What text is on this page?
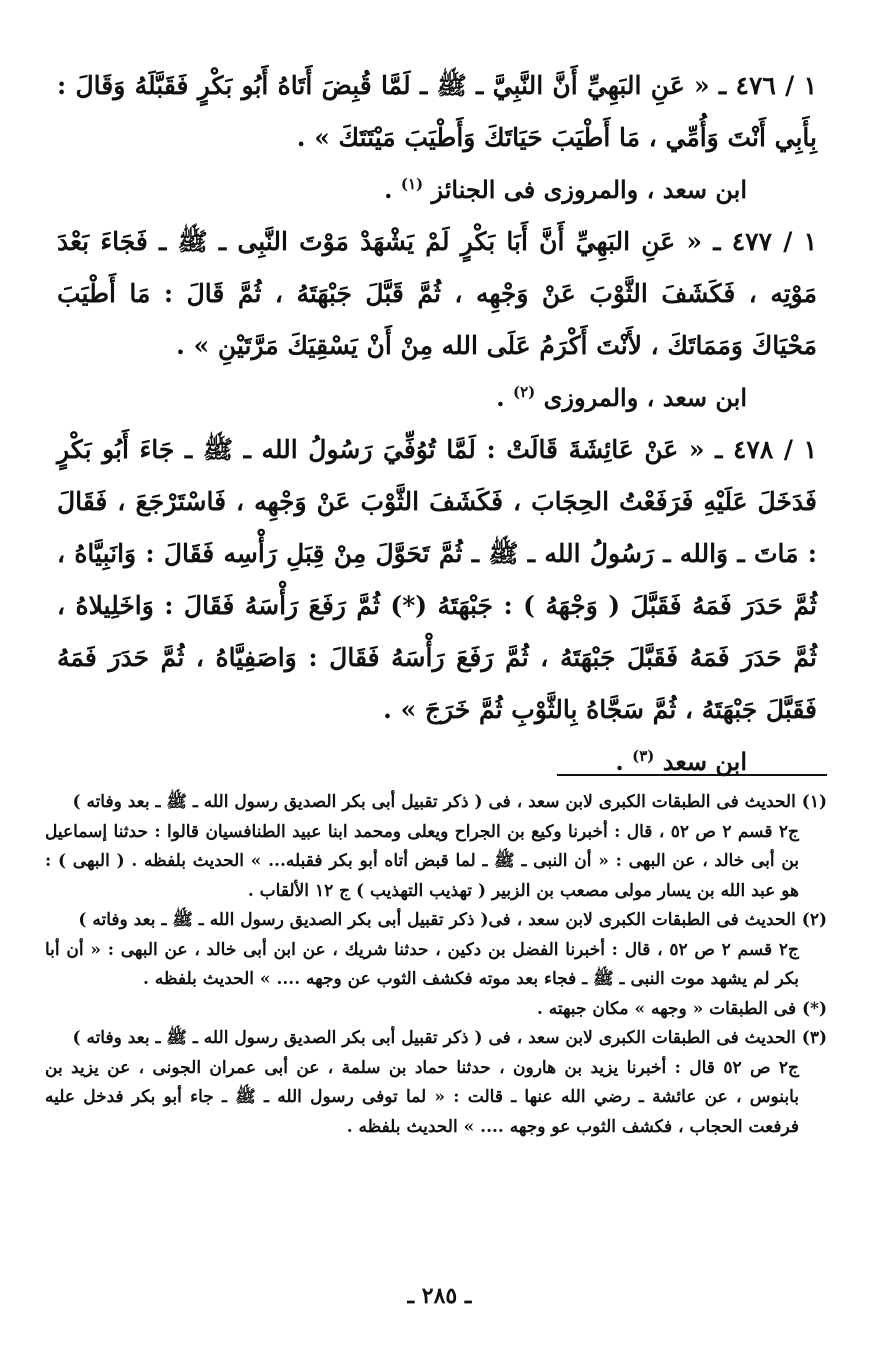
١ / ٤٧٦ ـ « عَنِ البَهِيِّ أَنَّ النَّبِيَّ ـ ﷺ ـ لَمَّا قُبِضَ أَتَاهُ أَبُو بَكْرٍ فَقَبَّلَهُ وَقَالَ : بِأَبِي أَنْتَ وَأُمِّي ، مَا أَطْيَبَ حَيَاتَكَ وَأَطْيَبَ مَيْتَتَكَ » .

ابن سعد ، والمروزى فى الجنائز $^{(١)}$ .

١ / ٤٧٧ ـ « عَنِ البَهِيِّ أَنَّ أَبَا بَكْرٍ لَمْ يَشْهَدْ مَوْتَ النَّبِى ـ ﷺ ـ فَجَاءَ بَعْدَ مَوْتِه ، فَكَشَفَ الثَّوْبَ عَنْ وَجْهِه ، ثُمَّ قَبَّلَ جَبْهَتَهُ ، ثُمَّ قَالَ : مَا أَطْيَبَ مَحْيَاكَ وَمَمَاتَكَ ، لأَنْتَ أَكْرَمُ عَلَى الله مِنْ أَنْ يَسْقِيَكَ مَرَّتَيْنِ » .

ابن سعد ، والمروزى $^{(٢)}$ .

١ / ٤٧٨ ـ « عَنْ عَائِشَةَ قَالَتْ : لَمَّا تُوُفِّيَ رَسُولُ الله ـ ﷺ ـ جَاءَ أَبُو بَكْرٍ فَدَخَلَ عَلَيْهِ فَرَفَعْتُ الحِجَابَ ، فَكَشَفَ الثَّوْبَ عَنْ وَجْهِه ، فَاسْتَرْجَعَ ، فَقَالَ : مَاتَ ـ وَالله ـ رَسُولُ الله ـ ﷺ ـ ثُمَّ تَحَوَّلَ مِنْ قِبَلِ رَأْسِه فَقَالَ : وَانَبِيَّاهُ ، ثُمَّ حَدَرَ فَمَهُ فَقَبَّلَ ( وَجْهَهُ ) : جَبْهَتَهُ (*) ثُمَّ رَفَعَ رَأْسَهُ فَقَالَ : وَاخَلِيلاهُ ، ثُمَّ حَدَرَ فَمَهُ فَقَبَّلَ جَبْهَتَهُ ، ثُمَّ رَفَعَ رَأْسَهُ فَقَالَ : وَاصَفِيَّاهُ ، ثُمَّ حَدَرَ فَمَهُ فَقَبَّلَ جَبْهَتَهُ ، ثُمَّ سَجَّاهُ بِالثَّوْبِ ثُمَّ خَرَجَ » .

ابن سعد $^{(٣)}$ .

(١) الحديث فى الطبقات الكبرى لابن سعد ، فى ( ذكر تقبيل أبى بكر الصديق رسول الله ـ ﷺ ـ بعد وفاته )

ج٢ قسم ٢ ص ٥٢ ، قال : أخبرنا وكيع بن الجراح ويعلى ومحمد ابنا عبيد الطنافسيان قالوا : حدثنا إسماعيل بن أبى خالد ، عن البهى : « أن النبى ـ ﷺ ـ لما قبض أتاه أبو بكر فقبله... » الحديث بلفظه . ( البهى ) : هو عبد الله بن يسار مولى مصعب بن الزبير ( تهذيب التهذيب ) ج ١٢ الألقاب .

(٢) الحديث فى الطبقات الكبرى لابن سعد ، فى( ذكر تقبيل أبى بكر الصديق رسول الله ـ ﷺ ـ بعد وفاته )

ج٢ قسم ٢ ص ٥٢ ، قال : أخبرنا الفضل بن دكين ، حدثنا شريك ، عن ابن أبى خالد ، عن البهى : « أن أبا بكر لم يشهد موت النبى ـ ﷺ ـ فجاء بعد موته فكشف الثوب عن وجهه .... » الحديث بلفظه .

(*) فى الطبقات « وجهه » مكان جبهته .

(٣) الحديث فى الطبقات الكبرى لابن سعد ، فى ( ذكر تقبيل أبى بكر الصديق رسول الله ـ ﷺ ـ بعد وفاته )

ج٢ ص ٥٢ قال : أخبرنا يزيد بن هارون ، حدثنا حماد بن سلمة ، عن أبى عمران الجونى ، عن يزيد بن بابنوس ، عن عائشة ـ رضي الله عنها ـ قالت : « لما توفى رسول الله ـ ﷺ ـ جاء أبو بكر فدخل عليه فرفعت الحجاب ، فكشف الثوب عو وجهه .... » الحديث بلفظه .

ـ ٢٨٥ ـ
